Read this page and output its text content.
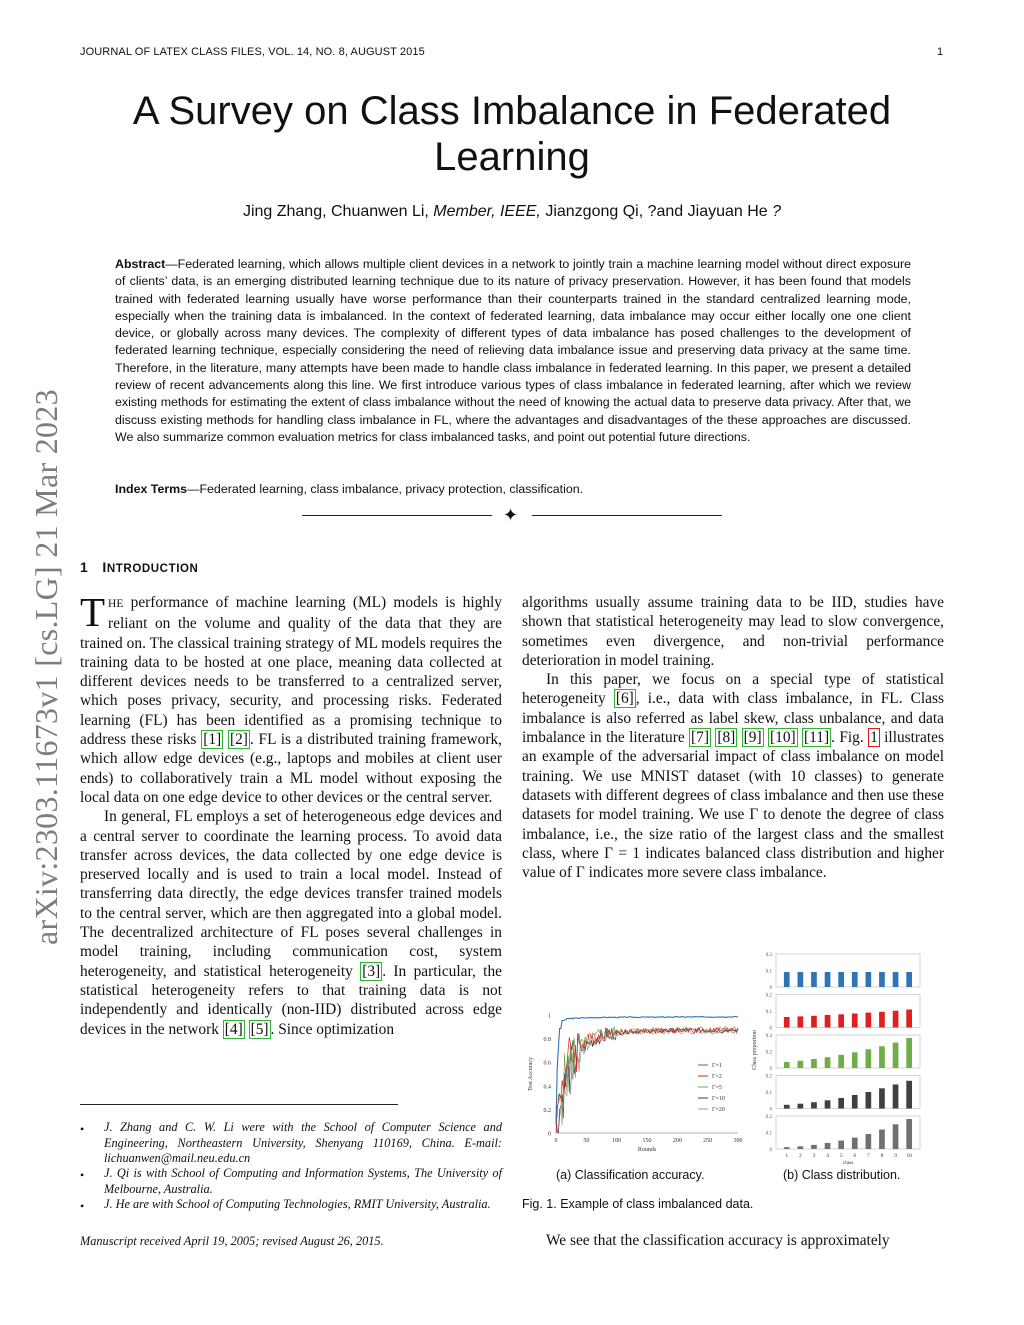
JOURNAL OF LATEX CLASS FILES, VOL. 14, NO. 8, AUGUST 2015	1
arXiv:2303.11673v1 [cs.LG] 21 Mar 2023
A Survey on Class Imbalance in Federated
Learning
Jing Zhang, Chuanwen Li, Member, IEEE, Jianzgong Qi, ?and Jiayuan He ?
Abstract—Federated learning, which allows multiple client devices in a network to jointly train a machine learning model without direct exposure of clients’ data, is an emerging distributed learning technique due to its nature of privacy preservation. However, it has been found that models trained with federated learning usually have worse performance than their counterparts trained in the standard centralized learning mode, especially when the training data is imbalanced. In the context of federated learning, data imbalance may occur either locally one one client device, or globally across many devices. The complexity of different types of data imbalance has posed challenges to the development of federated learning technique, especially considering the need of relieving data imbalance issue and preserving data privacy at the same time. Therefore, in the literature, many attempts have been made to handle class imbalance in federated learning. In this paper, we present a detailed review of recent advancements along this line. We first introduce various types of class imbalance in federated learning, after which we review existing methods for estimating the extent of class imbalance without the need of knowing the actual data to preserve data privacy. After that, we discuss existing methods for handling class imbalance in FL, where the advantages and disadvantages of the these approaches are discussed. We also summarize common evaluation metrics for class imbalanced tasks, and point out potential future directions.
Index Terms—Federated learning, class imbalance, privacy protection, classification.
✦
1 INTRODUCTION

THE performance of machine learning (ML) models is highly reliant on the volume and quality of the data that they are trained on. The classical training strategy of ML models requires the training data to be hosted at one place, meaning data collected at different devices needs to be transferred to a centralized server, which poses privacy, security, and processing risks. Federated learning (FL) has been identified as a promising technique to address these risks [1] [2] . FL is a distributed training framework, which allow edge devices (e.g., laptops and mobiles at client user ends) to collaboratively train a ML model without exposing the local data on one edge device to other devices or the central server.

In general, FL employs a set of heterogeneous edge devices and a central server to coordinate the learning process. To avoid data transfer across devices, the data collected by one edge device is preserved locally and is used to train a local model. Instead of transferring data directly, the edge devices transfer trained models to the central server, which are then aggregated into a global model. The decentralized architecture of FL poses several challenges in model training, including communication cost, system heterogeneity, and statistical heterogeneity [3] . In particular, the statistical heterogeneity refers to that training data is not independently and identically (non-IID) distributed across edge devices in the network [4] [5] . Since optimization

• J. Zhang and C. W. Li were with the School of Computer Science and Engineering, Northeastern University, Shenyang 110169, China. E-mail: lichuanwen@mail.neu.edu.cn
• J. Qi is with School of Computing and Information Systems, The University of Melbourne, Australia.
• J. He are with School of Computing Technologies, RMIT University, Australia.
Manuscript received April 19, 2005; revised August 26, 2015.

algorithms usually assume training data to be IID, studies have shown that statistical heterogeneity may lead to slow convergence, sometimes even divergence, and non-trivial performance deterioration in model training.

In this paper, we focus on a special type of statistical heterogeneity [6] , i.e., data with class imbalance, in FL. Class imbalance is also referred as label skew, class unbalance, and data imbalance in the literature [7] [8] [9] [10] [11] . Fig. 1 illustrates an example of the adversarial impact of class imbalance on model training. We use MNIST dataset (with 10 classes) to generate datasets with different degrees of class imbalance and then use these datasets for model training. We use Γ to denote the degree of class imbalance, i.e., the size ratio of the largest class and the smallest class, where Γ = 1 indicates balanced class distribution and higher value of Γ indicates more severe class imbalance.

0
0.2
0.4
0.6
0.8
1
0	50	100	150	200	250	300
Rounds
Test Accuracy	Γ=1
Γ=2
Γ=5
Γ=10
Γ=20
Class proportion
0
0.1
0.2
0
0.1
0.2
0
0.2
0.4
0
0.1
0.2
0
0.1
0.2
1 2 3 4 5 6 7 8 9 10
class
(a) Classification accuracy.	(b) Class distribution.
Fig. 1. Example of class imbalanced data.
We see that the classification accuracy is approximately
